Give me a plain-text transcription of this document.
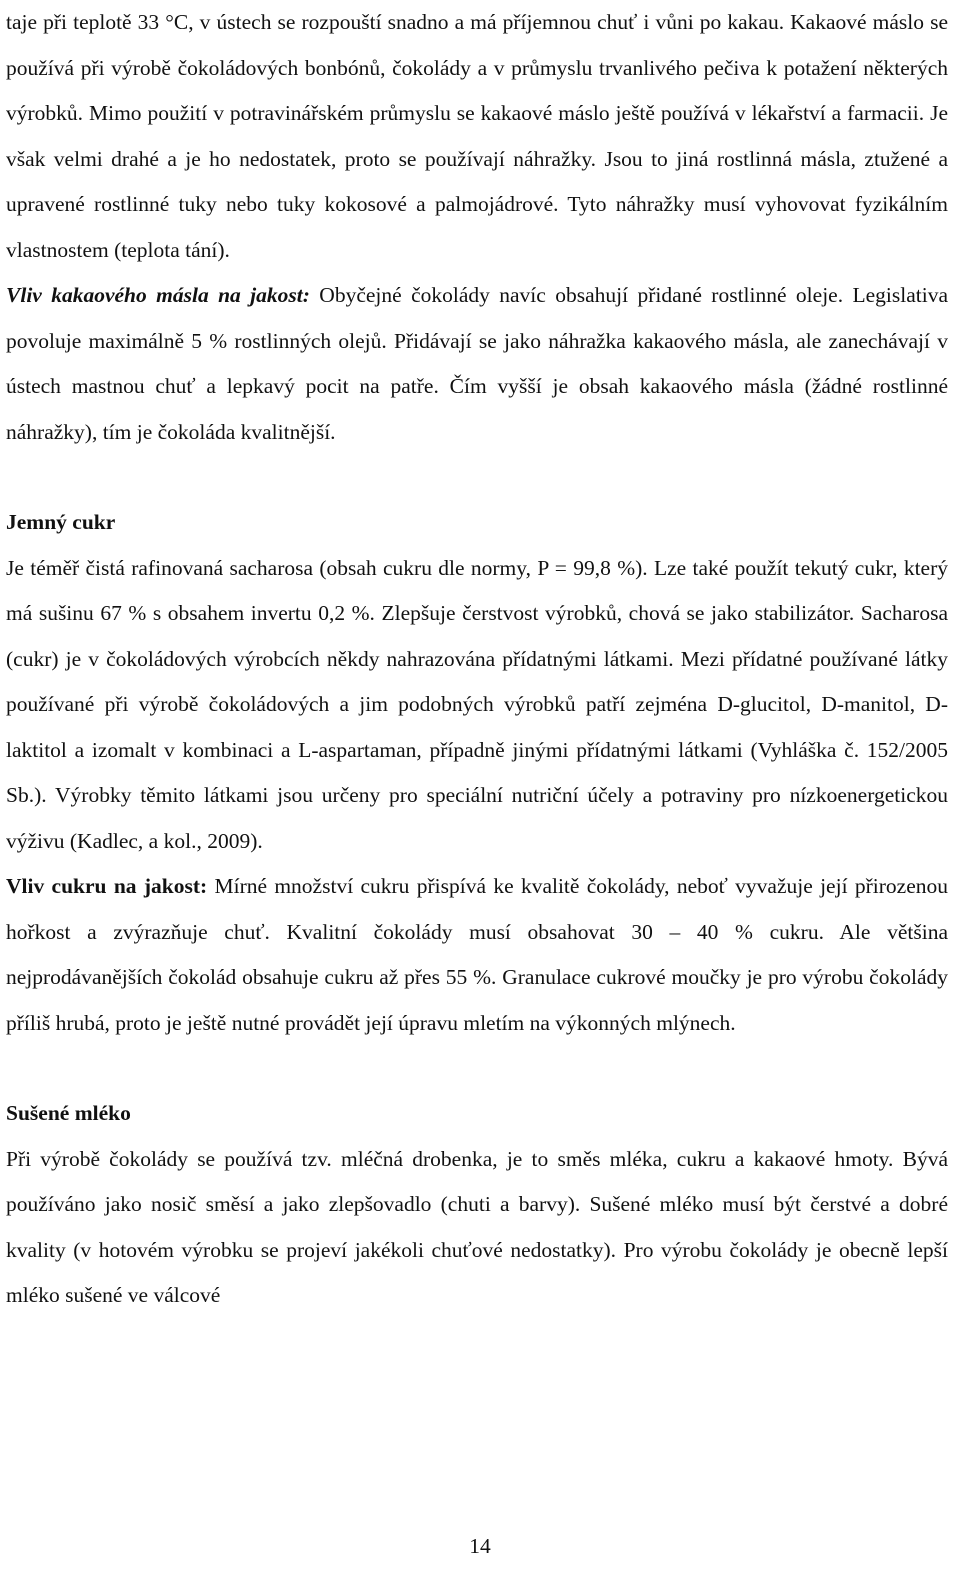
taje při teplotě 33 °C, v ústech se rozpouští snadno a má příjemnou chuť i vůni po kakau. Kakaové máslo se používá při výrobě čokoládových bonbónů, čokolády a v průmyslu trvanlivého pečiva k potažení některých výrobků. Mimo použití v potravinářském průmyslu se kakaové máslo ještě používá v lékařství a farmacii. Je však velmi drahé a je ho nedostatek, proto se používají náhražky. Jsou to jiná rostlinná másla, ztužené a upravené rostlinné tuky nebo tuky kokosové a palmojádrové. Tyto náhražky musí vyhovovat fyzikálním vlastnostem (teplota tání).

Vliv kakaového másla na jakost: Obyčejné čokolády navíc obsahují přidané rostlinné oleje. Legislativa povoluje maximálně 5 % rostlinných olejů. Přidávají se jako náhražka kakaového másla, ale zanechávají v ústech mastnou chuť a lepkavý pocit na patře. Čím vyšší je obsah kakaového másla (žádné rostlinné náhražky), tím je čokoláda kvalitnější.

Jemný cukr

Je téměř čistá rafinovaná sacharosa (obsah cukru dle normy, P = 99,8 %). Lze také použít tekutý cukr, který má sušinu 67 % s obsahem invertu 0,2 %. Zlepšuje čerstvost výrobků, chová se jako stabilizátor. Sacharosa (cukr) je v čokoládových výrobcích někdy nahrazována přídatnými látkami. Mezi přídatné používané látky používané při výrobě čokoládových a jim podobných výrobků patří zejména D-glucitol, D-manitol, D-laktitol a izomalt v kombinaci a L-aspartaman, případně jinými přídatnými látkami (Vyhláška č. 152/2005 Sb.). Výrobky těmito látkami jsou určeny pro speciální nutriční účely a potraviny pro nízkoenergetickou výživu (Kadlec, a kol., 2009).

Vliv cukru na jakost: Mírné množství cukru přispívá ke kvalitě čokolády, neboť vyvažuje její přirozenou hořkost a zvýrazňuje chuť. Kvalitní čokolády musí obsahovat 30 – 40 % cukru. Ale většina nejprodávanějších čokolád obsahuje cukru až přes 55 %. Granulace cukrové moučky je pro výrobu čokolády příliš hrubá, proto je ještě nutné provádět její úpravu mletím na výkonných mlýnech.

Sušené mléko

Při výrobě čokolády se používá tzv. mléčná drobenka, je to směs mléka, cukru a kakaové hmoty. Bývá používáno jako nosič směsí a jako zlepšovadlo (chuti a barvy). Sušené mléko musí být čerstvé a dobré kvality (v hotovém výrobku se projeví jakékoli chuťové nedostatky). Pro výrobu čokolády je obecně lepší mléko sušené ve válcové

14
